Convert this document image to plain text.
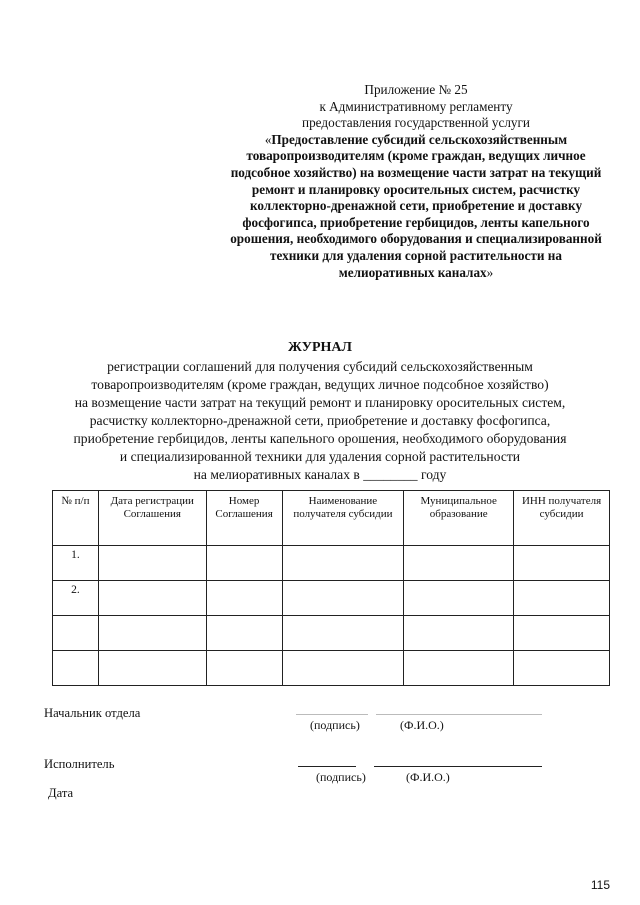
Приложение № 25
к Административному регламенту
предоставления государственной услуги
«Предоставление субсидий сельскохозяйственным товаропроизводителям (кроме граждан, ведущих личное подсобное хозяйство) на возмещение части затрат на текущий ремонт и планировку оросительных систем, расчистку коллекторно-дренажной сети, приобретение и доставку фосфогипса, приобретение гербицидов, ленты капельного орошения, необходимого оборудования и специализированной техники для удаления сорной растительности на мелиоративных каналах»
ЖУРНАЛ
регистрации соглашений для получения субсидий сельскохозяйственным
товаропроизводителям (кроме граждан, ведущих личное подсобное хозяйство)
на возмещение части затрат на текущий ремонт и планировку оросительных систем,
расчистку коллекторно-дренажной сети, приобретение и доставку фосфогипса,
приобретение гербицидов, ленты капельного орошения, необходимого оборудования
и специализированной техники для удаления сорной растительности
на мелиоративных каналах в ________ году
№ п/п	Дата регистрации Соглашения	Номер Соглашения	Наименование получателя субсидии	Муниципальное образование	ИНН получателя субсидии
1.					
2.					

Начальник отдела
(подпись)	(Ф.И.О.)
Исполнитель
(подпись)	(Ф.И.О.)
Дата
115
